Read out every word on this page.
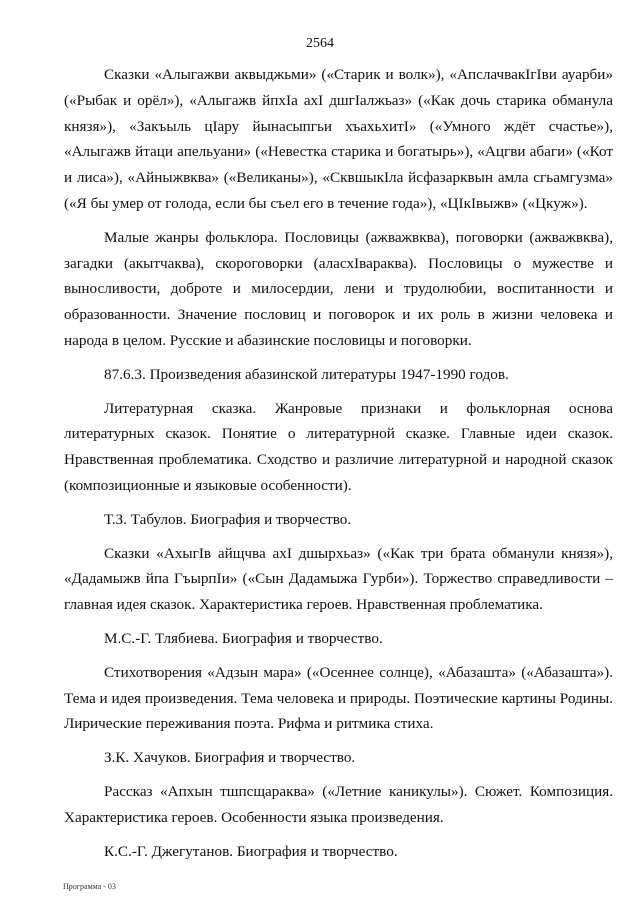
2564

Сказки «Алыгажви аквыджьми» («Старик и волк»), «АпслачвакIгIви ауарби» («Рыбак и орёл»), «Алыгажв йпхIа ахI дшгIалжьаз» («Как дочь старика обманула князя»), «Закъыль цIару йынасыпгьи хъахьхитI» («Умного ждёт счастье»), «Алыгажв йтаци апельуани» («Невестка старика и богатырь»), «Ацгви абаги» («Кот и лиса»), «Айныжвква» («Великаны»), «СквшыкIла йсфазарквын амла сгьамгузма» («Я бы умер от голода, если бы съел его в течение года»), «ЦIкIвыжв» («Цкуж»).

Малые жанры фольклора. Пословицы (ажважвква), поговорки (ажважвква), загадки (акытчаква), скороговорки (аласхIвараква). Пословицы о мужестве и выносливости, доброте и милосердии, лени и трудолюбии, воспитанности и образованности. Значение пословиц и поговорок и их роль в жизни человека и народа в целом. Русские и абазинские пословицы и поговорки.

87.6.3. Произведения абазинской литературы 1947-1990 годов.

Литературная сказка. Жанровые признаки и фольклорная основа литературных сказок. Понятие о литературной сказке. Главные идеи сказок. Нравственная проблематика. Сходство и различие литературной и народной сказок (композиционные и языковые особенности).

Т.З. Табулов. Биография и творчество.

Сказки «АхыгIв айщчва ахI дшырхьаз» («Как три брата обманули князя»), «Дадамыжв йпа ГъырпIи» («Сын Дадамыжа Гурби»). Торжество справедливости – главная идея сказок. Характеристика героев. Нравственная проблематика.

М.С.-Г. Тлябиева. Биография и творчество.

Стихотворения «Адзын мара» («Осеннее солнце), «Абазашта» («Абазашта»). Тема и идея произведения. Тема человека и природы. Поэтические картины Родины. Лирические переживания поэта. Рифма и ритмика стиха.

З.К. Хачуков. Биография и творчество.

Рассказ «Апхын тшпсщараква» («Летние каникулы»). Сюжет. Композиция. Характеристика героев. Особенности языка произведения.

К.С.-Г. Джегутанов. Биография и творчество.

Программа - 03
